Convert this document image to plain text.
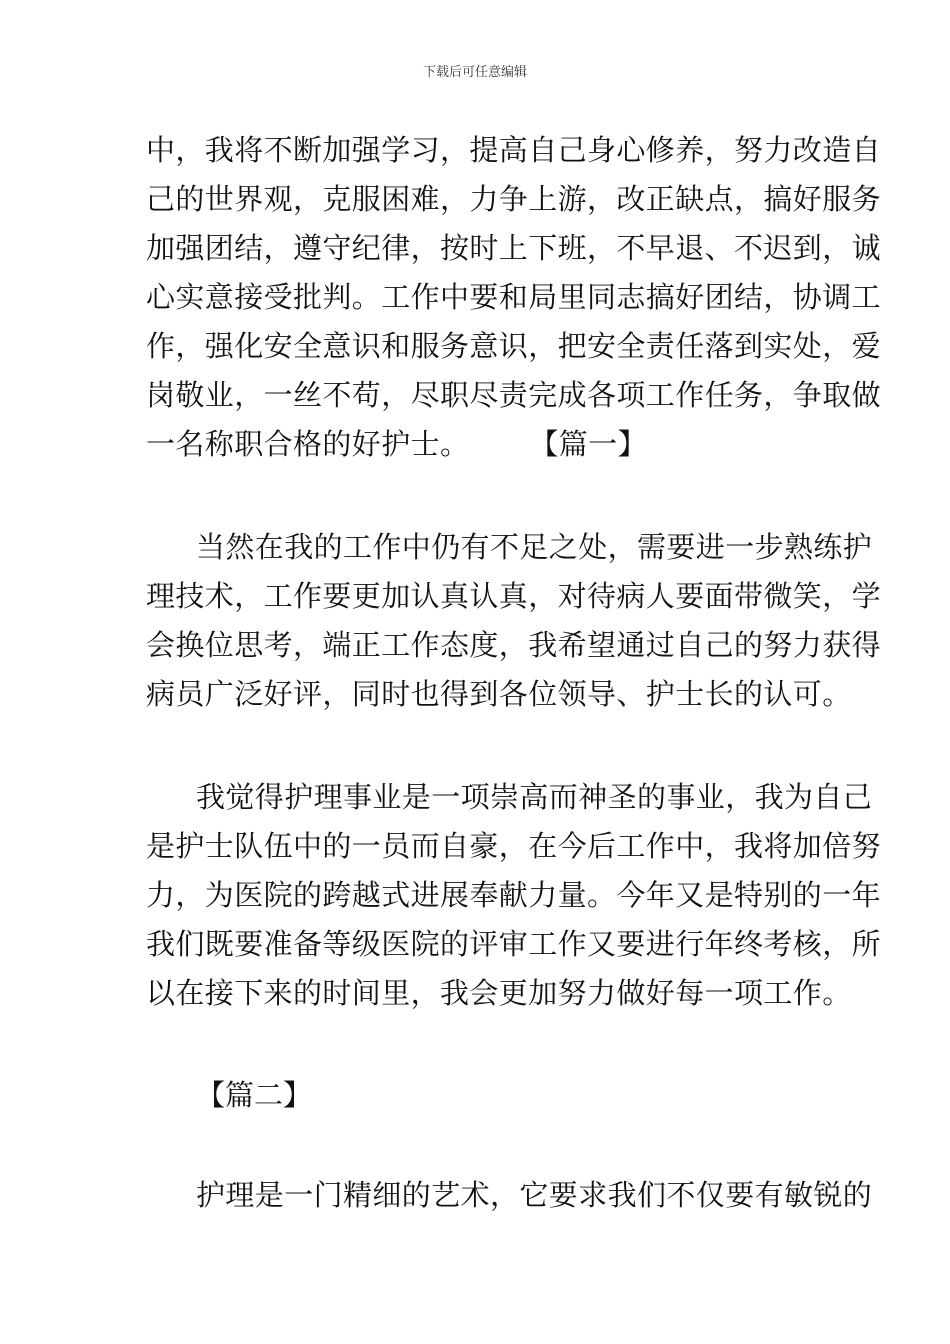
下载后可任意编辑
中，我将不断加强学习，提高自己身心修养，努力改造自
己的世界观，克服困难，力争上游，改正缺点，搞好服务
加强团结，遵守纪律，按时上下班，不早退、不迟到，诚
心实意接受批判。工作中要和局里同志搞好团结，协调工
作，强化安全意识和服务意识，把安全责任落到实处，爱
岗敬业，一丝不苟，尽职尽责完成各项工作任务，争取做
一名称职合格的好护士。 【篇一】
当然在我的工作中仍有不足之处，需要进一步熟练护
理技术，工作要更加认真认真，对待病人要面带微笑，学
会换位思考，端正工作态度，我希望通过自己的努力获得
病员广泛好评，同时也得到各位领导、护士长的认可。
我觉得护理事业是一项崇高而神圣的事业，我为自己
是护士队伍中的一员而自豪，在今后工作中，我将加倍努
力，为医院的跨越式进展奉献力量。今年又是特别的一年
我们既要准备等级医院的评审工作又要进行年终考核，所
以在接下来的时间里，我会更加努力做好每一项工作。
【篇二】
护理是一门精细的艺术，它要求我们不仅要有敏锐的
